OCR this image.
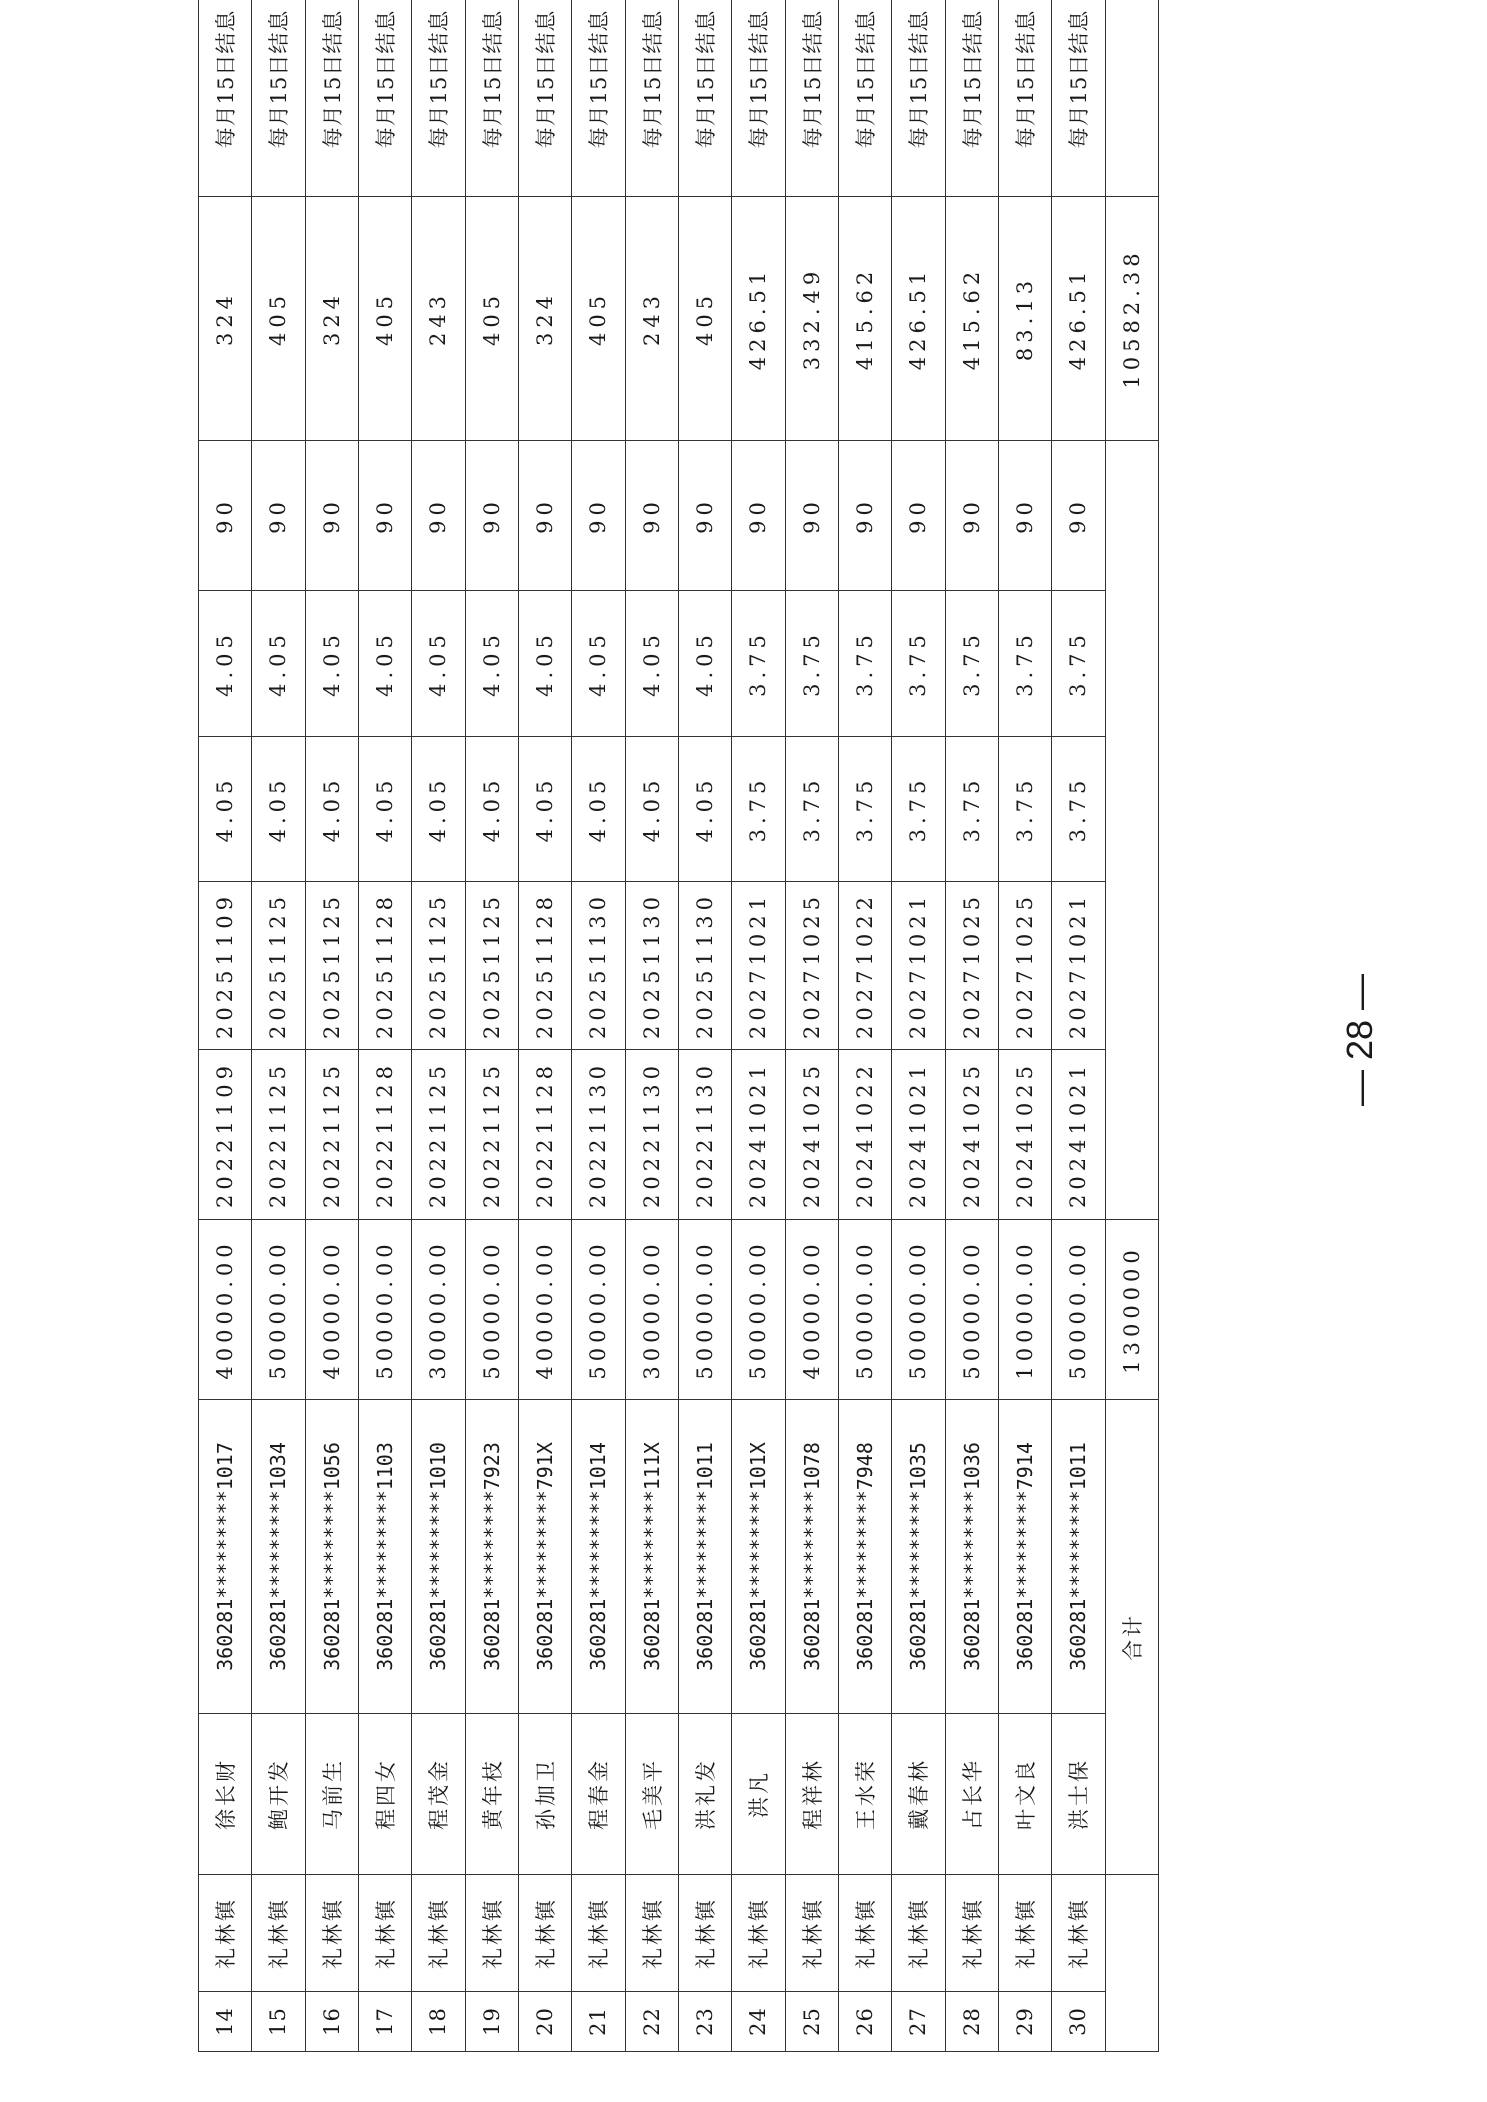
14	礼林镇	徐长财	360281*********1017	40000.00	20221109	20251109	4.05	4.05	90	324	每月15日结息
15	礼林镇	鲍开发	360281*********1034	50000.00	20221125	20251125	4.05	4.05	90	405	每月15日结息
16	礼林镇	马前生	360281*********1056	40000.00	20221125	20251125	4.05	4.05	90	324	每月15日结息
17	礼林镇	程四女	360281*********1103	50000.00	20221128	20251128	4.05	4.05	90	405	每月15日结息
18	礼林镇	程茂金	360281*********1010	30000.00	20221125	20251125	4.05	4.05	90	243	每月15日结息
19	礼林镇	黄年枝	360281*********7923	50000.00	20221125	20251125	4.05	4.05	90	405	每月15日结息
20	礼林镇	孙加卫	360281*********791X	40000.00	20221128	20251128	4.05	4.05	90	324	每月15日结息
21	礼林镇	程春金	360281*********1014	50000.00	20221130	20251130	4.05	4.05	90	405	每月15日结息
22	礼林镇	毛美平	360281*********111X	30000.00	20221130	20251130	4.05	4.05	90	243	每月15日结息
23	礼林镇	洪礼发	360281*********1011	50000.00	20221130	20251130	4.05	4.05	90	405	每月15日结息
24	礼林镇	洪凡	360281*********101X	50000.00	20241021	20271021	3.75	3.75	90	426.51	每月15日结息
25	礼林镇	程祥林	360281*********1078	40000.00	20241025	20271025	3.75	3.75	90	332.49	每月15日结息
26	礼林镇	王水荣	360281*********7948	50000.00	20241022	20271022	3.75	3.75	90	415.62	每月15日结息
27	礼林镇	戴春林	360281*********1035	50000.00	20241021	20271021	3.75	3.75	90	426.51	每月15日结息
28	礼林镇	占长华	360281*********1036	50000.00	20241025	20271025	3.75	3.75	90	415.62	每月15日结息
29	礼林镇	叶文良	360281*********7914	10000.00	20241025	20271025	3.75	3.75	90	83.13	每月15日结息
30	礼林镇	洪士保	360281*********1011	50000.00	20241021	20271021	3.75	3.75	90	426.51	每月15日结息
		合计		1300000						10582.38	
— 28 —
